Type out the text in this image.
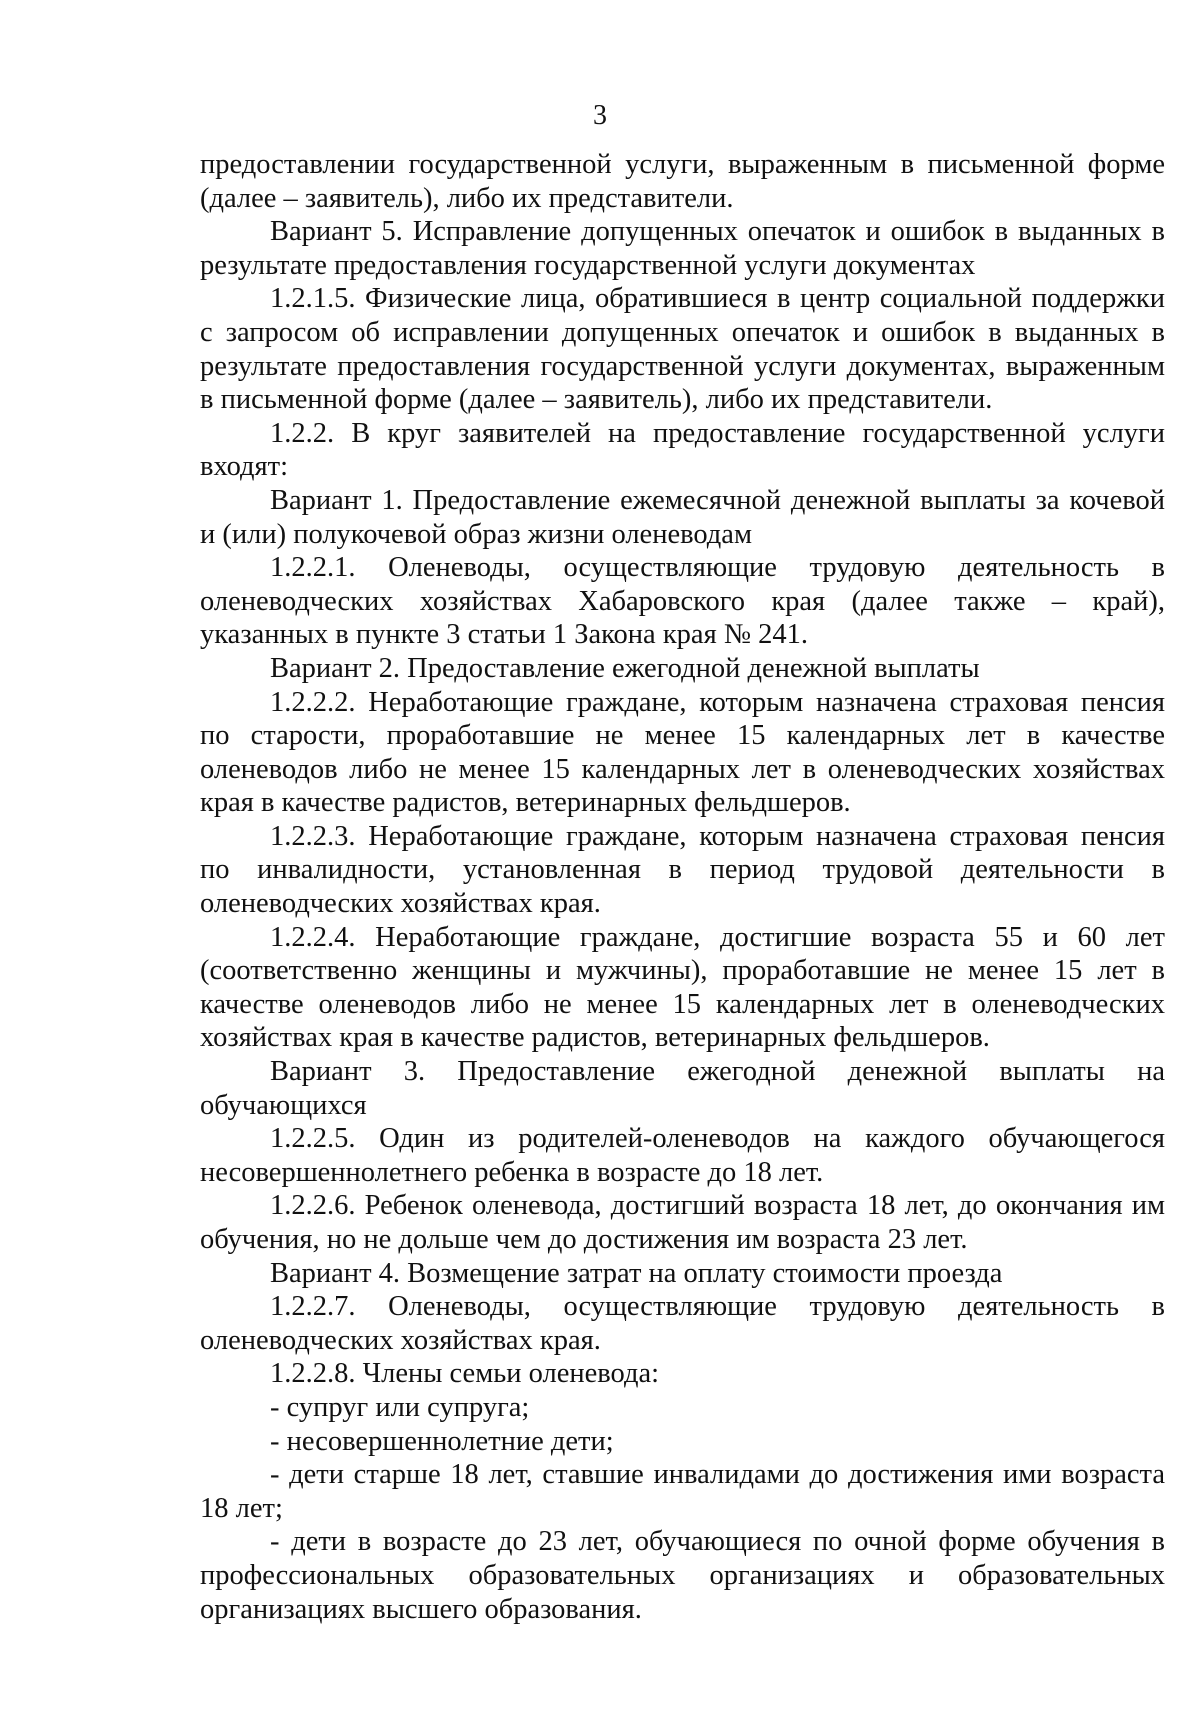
3

предоставлении государственной услуги, выраженным в письменной форме (далее – заявитель), либо их представители.

Вариант 5. Исправление допущенных опечаток и ошибок в выданных в результате предоставления государственной услуги документах

1.2.1.5. Физические лица, обратившиеся в центр социальной поддержки с запросом об исправлении допущенных опечаток и ошибок в выданных в результате предоставления государственной услуги документах, выраженным в письменной форме (далее – заявитель), либо их представители.

1.2.2. В круг заявителей на предоставление государственной услуги входят:

Вариант 1. Предоставление ежемесячной денежной выплаты за кочевой и (или) полукочевой образ жизни оленеводам

1.2.2.1. Оленеводы, осуществляющие трудовую деятельность в оленеводческих хозяйствах Хабаровского края (далее также – край), указанных в пункте 3 статьи 1 Закона края № 241.

Вариант 2. Предоставление ежегодной денежной выплаты

1.2.2.2. Неработающие граждане, которым назначена страховая пенсия по старости, проработавшие не менее 15 календарных лет в качестве оленеводов либо не менее 15 календарных лет в оленеводческих хозяйствах края в качестве радистов, ветеринарных фельдшеров.

1.2.2.3. Неработающие граждане, которым назначена страховая пенсия по инвалидности, установленная в период трудовой деятельности в оленеводческих хозяйствах края.

1.2.2.4. Неработающие граждане, достигшие возраста 55 и 60 лет (соответственно женщины и мужчины), проработавшие не менее 15 лет в качестве оленеводов либо не менее 15 календарных лет в оленеводческих хозяйствах края в качестве радистов, ветеринарных фельдшеров.

Вариант 3. Предоставление ежегодной денежной выплаты на обучающихся

1.2.2.5. Один из родителей-оленеводов на каждого обучающегося несовершеннолетнего ребенка в возрасте до 18 лет.

1.2.2.6. Ребенок оленевода, достигший возраста 18 лет, до окончания им обучения, но не дольше чем до достижения им возраста 23 лет.

Вариант 4. Возмещение затрат на оплату стоимости проезда

1.2.2.7. Оленеводы, осуществляющие трудовую деятельность в оленеводческих хозяйствах края.

1.2.2.8. Члены семьи оленевода:

- супруг или супруга;

- несовершеннолетние дети;

- дети старше 18 лет, ставшие инвалидами до достижения ими возраста 18 лет;

- дети в возрасте до 23 лет, обучающиеся по очной форме обучения в профессиональных образовательных организациях и образовательных организациях высшего образования.
